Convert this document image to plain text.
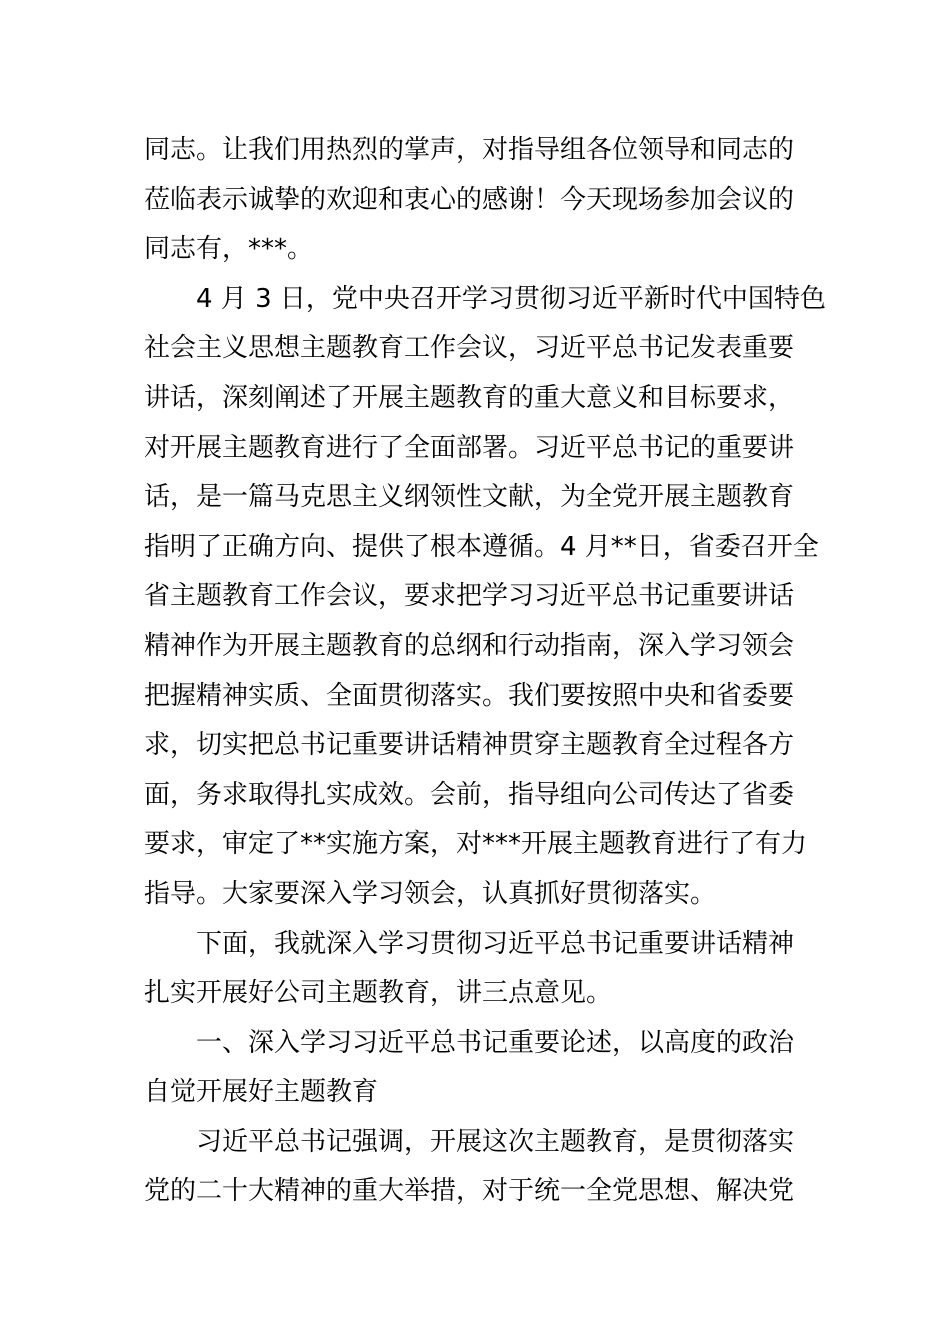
同志。让我们用热烈的掌声，对指导组各位领导和同志的
莅临表示诚挚的欢迎和衷心的感谢！今天现场参加会议的
同志有，***。
4 月 3 日，党中央召开学习贯彻习近平新时代中国特色
社会主义思想主题教育工作会议，习近平总书记发表重要
讲话，深刻阐述了开展主题教育的重大意义和目标要求，
对开展主题教育进行了全面部署。习近平总书记的重要讲
话，是一篇马克思主义纲领性文献，为全党开展主题教育
指明了正确方向、提供了根本遵循。4 月**日，省委召开全
省主题教育工作会议，要求把学习习近平总书记重要讲话
精神作为开展主题教育的总纲和行动指南，深入学习领会
把握精神实质、全面贯彻落实。我们要按照中央和省委要
求，切实把总书记重要讲话精神贯穿主题教育全过程各方
面，务求取得扎实成效。会前，指导组向公司传达了省委
要求，审定了**实施方案，对***开展主题教育进行了有力
指导。大家要深入学习领会，认真抓好贯彻落实。
下面，我就深入学习贯彻习近平总书记重要讲话精神
扎实开展好公司主题教育，讲三点意见。
一、深入学习习近平总书记重要论述，以高度的政治
自觉开展好主题教育
习近平总书记强调，开展这次主题教育，是贯彻落实
党的二十大精神的重大举措，对于统一全党思想、解决党
